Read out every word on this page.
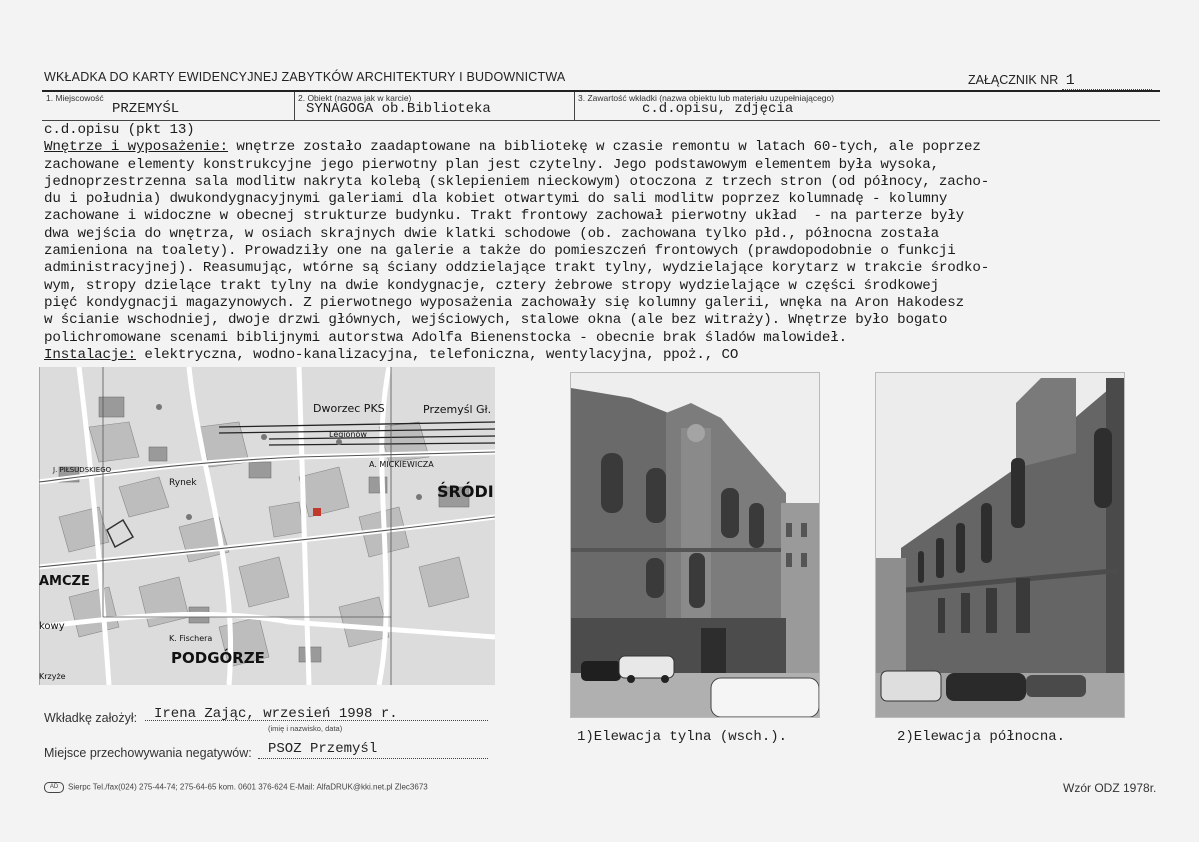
WKŁADKA DO KARTY EWIDENCYJNEJ ZABYTKÓW ARCHITEKTURY I BUDOWNICTWA	ZAŁĄCZNIK NR 1
1. Miejscowość
PRZEMYŚL
2. Obiekt (nazwa jak w karcie)
SYNAGOGA ob.Biblioteka
3. Zawartość wkładki (nazwa obiektu lub materiału uzupełniającego)
c.d.opisu, zdjęcia
c.d.opisu (pkt 13)
Wnętrze i wyposażenie: wnętrze zostało zaadaptowane na bibliotekę w czasie remontu w latach 60-tych, ale poprzez
zachowane elementy konstrukcyjne jego pierwotny plan jest czytelny. Jego podstawowym elementem była wysoka,
jednoprzestrzenna sala modlitw nakryta kolebą (sklepieniem nieckowym) otoczona z trzech stron (od północy, zacho-
du i południa) dwukondygnacyjnymi galeriami dla kobiet otwartymi do sali modlitw poprzez kolumnadę - kolumny
zachowane i widoczne w obecnej strukturze budynku. Trakt frontowy zachował pierwotny układ  - na parterze były
dwa wejścia do wnętrza, w osiach skrajnych dwie klatki schodowe (ob. zachowana tylko płd., północna została
zamieniona na toalety). Prowadziły one na galerie a także do pomieszczeń frontowych (prawdopodobnie o funkcji
administracyjnej). Reasumując, wtórne są ściany oddzielające trakt tylny, wydzielające korytarz w trakcie środko-
wym, stropy dzielące trakt tylny na dwie kondygnacje, cztery żebrowe stropy wydzielające w części środkowej
pięć kondygnacji magazynowych. Z pierwotnego wyposażenia zachowały się kolumny galerii, wnęka na Aron Hakodesz
w ścianie wschodniej, dwoje drzwi głównych, wejściowych, stalowe okna (ale bez witraży). Wnętrze było bogato
polichromowane scenami biblijnymi autorstwa Adolfa Bienenstocka - obecnie brak śladów malowideł.
Instalacje: elektryczna, wodno-kanalizacyjna, telefoniczna, wentylacyjna, ppoż., CO
Dworzec PKS	Przemyśl Gł.
Legionów
A. MICKIEWICZA
J. PIŁSUDSKIEGO
Rynek	ŚRÓDI
AMCZE
kowy
K. Fischera
PODGÓRZE
Krzyże
1)Elewacja tylna (wsch.).	2)Elewacja północna.
Wkładkę założył: Irena Zając, wrzesień 1998 r.
(imię i nazwisko, data)
Miejsce przechowywania negatywów: PSOZ Przemyśl
AD Sierpc Tel./fax(024) 275-44-74; 275-64-65 kom. 0601 376-624 E-Mail: AlfaDRUK@kki.net.pl Zlec3673	Wzór ODZ 1978r.
